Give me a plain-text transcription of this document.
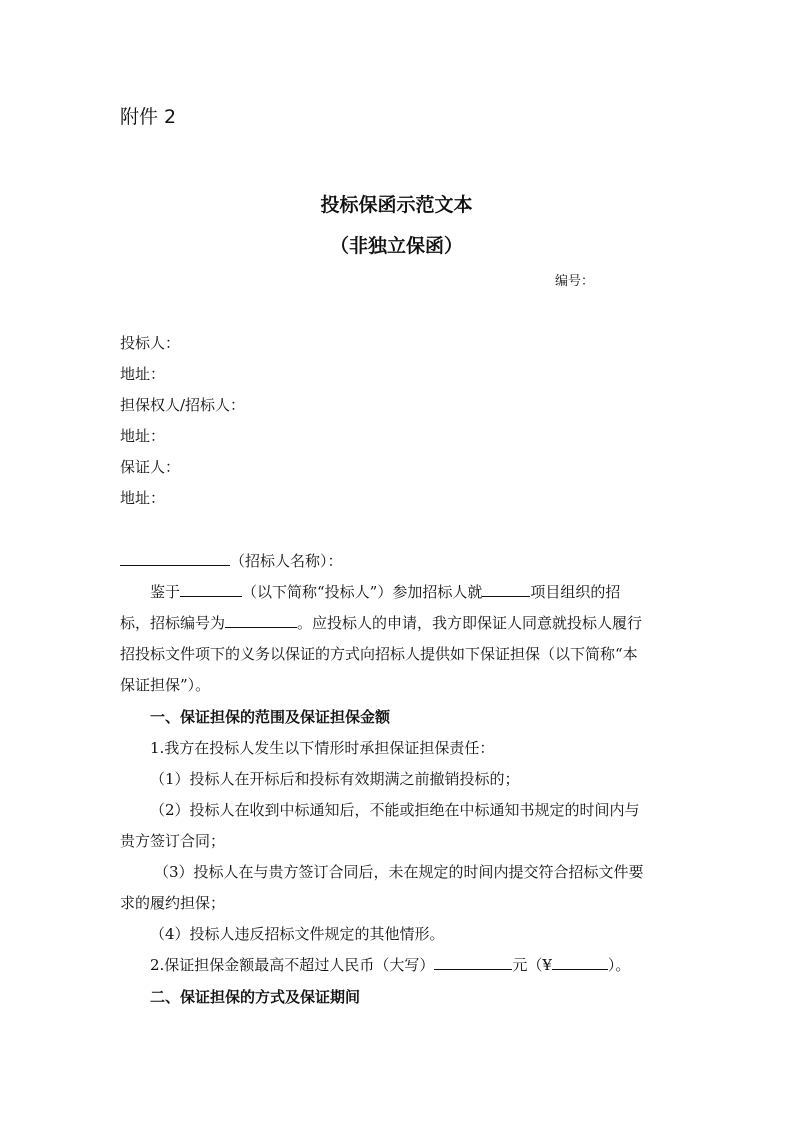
附件 2
投标保函示范文本
（非独立保函）
编号：
投标人：
地址：
担保权人/招标人：
地址：
保证人：
地址：
（招标人名称）：
鉴于	（以下简称“投标人”）参加招标人就	项目组织的招
标，招标编号为	。应投标人的申请，我方即保证人同意就投标人履行
招投标文件项下的义务以保证的方式向招标人提供如下保证担保（以下简称“本
保证担保”）。
一、保证担保的范围及保证担保金额
1.我方在投标人发生以下情形时承担保证担保责任：
（1）投标人在开标后和投标有效期满之前撤销投标的；
（2）投标人在收到中标通知后，不能或拒绝在中标通知书规定的时间内与
贵方签订合同；
（3）投标人在与贵方签订合同后，未在规定的时间内提交符合招标文件要
求的履约担保；
（4）投标人违反招标文件规定的其他情形。
2.保证担保金额最高不超过人民币（大写）	元（¥	）。
二、保证担保的方式及保证期间
